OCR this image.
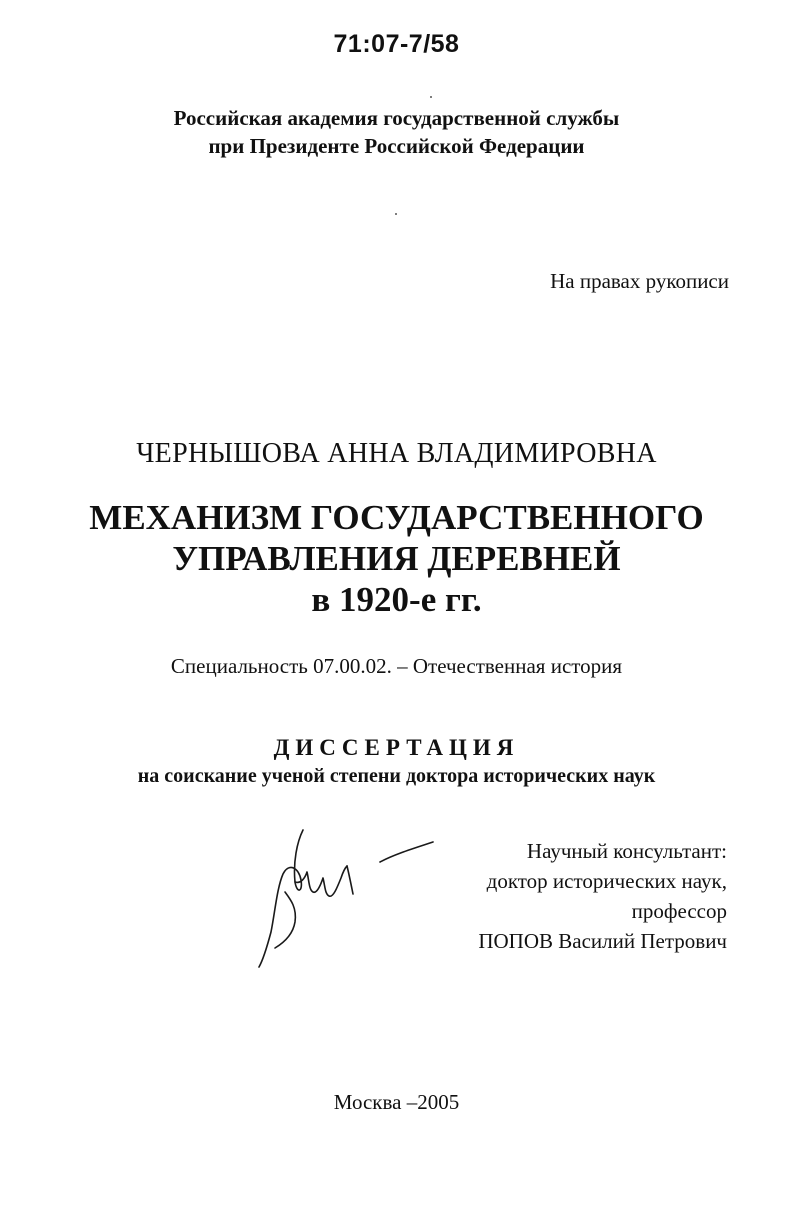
71:07-7/58
Российская академия государственной службы
при Президенте Российской Федерации
На правах рукописи
ЧЕРНЫШОВА АННА ВЛАДИМИРОВНА
МЕХАНИЗМ ГОСУДАРСТВЕННОГО
УПРАВЛЕНИЯ ДЕРЕВНЕЙ
в 1920-е гг.
Специальность 07.00.02. – Отечественная история
ДИССЕРТАЦИЯ
на соискание ученой степени доктора исторических наук
Научный консультант:
доктор исторических наук,
профессор
ПОПОВ Василий Петрович
Москва –2005
